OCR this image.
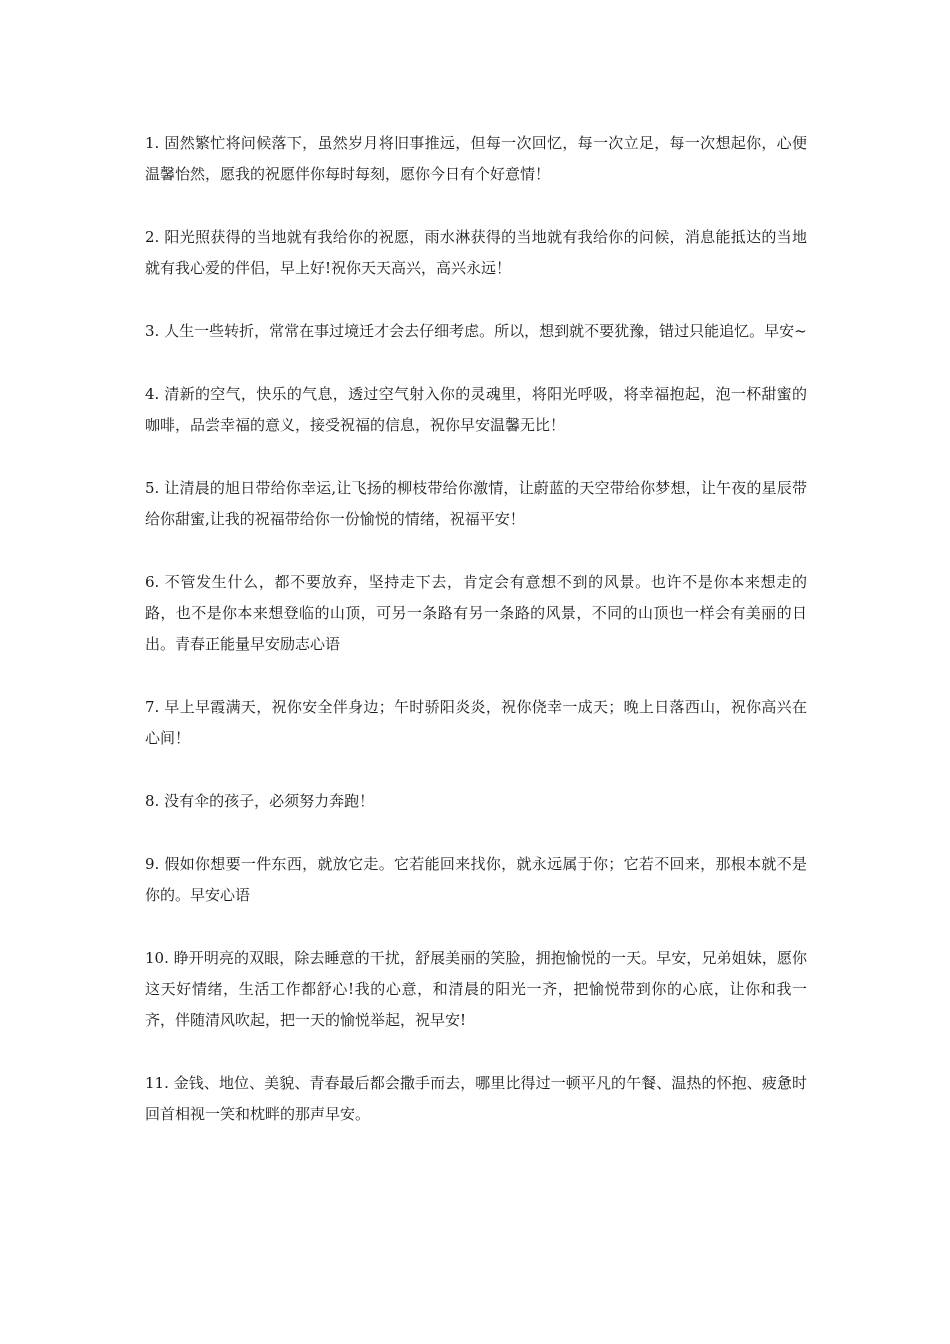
1. 固然繁忙将问候落下，虽然岁月将旧事推远，但每一次回忆，每一次立足，每一次想起你，心便温馨怡然，愿我的祝愿伴你每时每刻，愿你今日有个好意情！

2. 阳光照获得的当地就有我给你的祝愿，雨水淋获得的当地就有我给你的问候，消息能抵达的当地就有我心爱的伴侣，早上好!祝你天天高兴，高兴永远！

3. 人生一些转折，常常在事过境迁才会去仔细考虑。所以，想到就不要犹豫，错过只能追忆。早安~

4. 清新的空气，快乐的气息，透过空气射入你的灵魂里，将阳光呼吸，将幸福抱起，泡一杯甜蜜的咖啡，品尝幸福的意义，接受祝福的信息，祝你早安温馨无比！

5. 让清晨的旭日带给你幸运,让飞扬的柳枝带给你激情，让蔚蓝的天空带给你梦想，让午夜的星辰带给你甜蜜,让我的祝福带给你一份愉悦的情绪，祝福平安！

6. 不管发生什么，都不要放弃，坚持走下去，肯定会有意想不到的风景。也许不是你本来想走的路，也不是你本来想登临的山顶，可另一条路有另一条路的风景，不同的山顶也一样会有美丽的日出。青春正能量早安励志心语

7. 早上早霞满天，祝你安全伴身边；午时骄阳炎炎，祝你侥幸一成天；晚上日落西山，祝你高兴在心间！

8. 没有伞的孩子，必须努力奔跑！

9. 假如你想要一件东西，就放它走。它若能回来找你，就永远属于你；它若不回来，那根本就不是你的。早安心语

10. 睁开明亮的双眼，除去睡意的干扰，舒展美丽的笑脸，拥抱愉悦的一天。早安，兄弟姐妹，愿你这天好情绪，生活工作都舒心!我的心意，和清晨的阳光一齐，把愉悦带到你的心底，让你和我一齐，伴随清风吹起，把一天的愉悦举起，祝早安!

11. 金钱、地位、美貌、青春最后都会撒手而去，哪里比得过一顿平凡的午餐、温热的怀抱、疲惫时回首相视一笑和枕畔的那声早安。
